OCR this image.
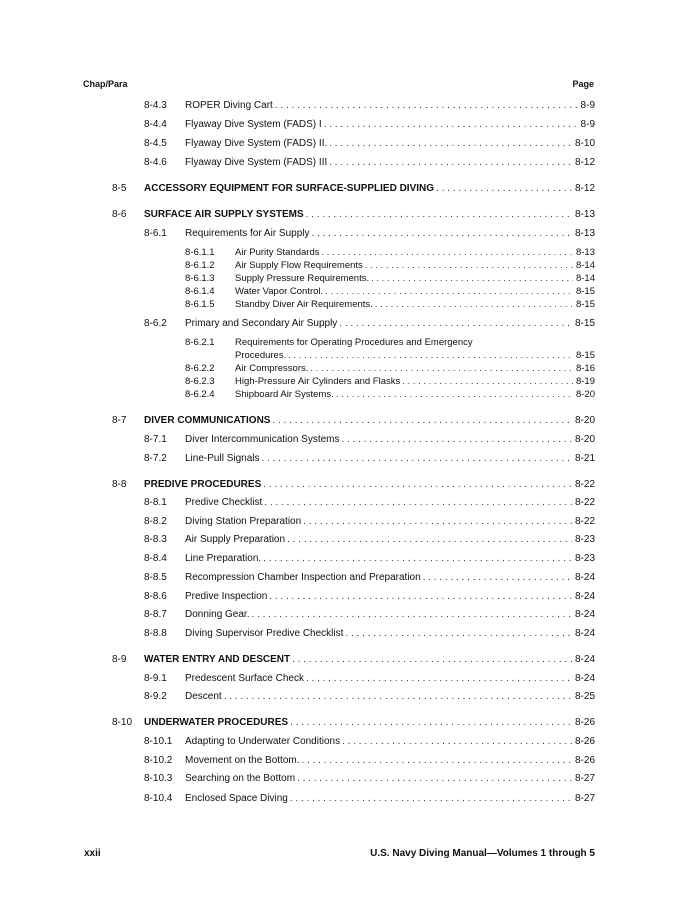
Chap/Para	Page
8-4.3 ROPER Diving Cart . . .	8-9
8-4.4 Flyaway Dive System (FADS) I . . .	8-9
8-4.5 Flyaway Dive System (FADS) II. . . .	8-10
8-4.6 Flyaway Dive System (FADS) III . . .	8-12
8-5 ACCESSORY EQUIPMENT FOR SURFACE-SUPPLIED DIVING . . .	8-12
8-6 SURFACE AIR SUPPLY SYSTEMS . . .	8-13
8-6.1 Requirements for Air Supply . . .	8-13
8-6.1.1 Air Purity Standards . . .	8-13
8-6.1.2 Air Supply Flow Requirements . . .	8-14
8-6.1.3 Supply Pressure Requirements. . . .	8-14
8-6.1.4 Water Vapor Control. . . .	8-15
8-6.1.5 Standby Diver Air Requirements. . . .	8-15
8-6.2 Primary and Secondary Air Supply . . .	8-15
8-6.2.1 Requirements for Operating Procedures and Emergency
Procedures. . . .	8-15
8-6.2.2 Air Compressors. . . .	8-16
8-6.2.3 High-Pressure Air Cylinders and Flasks . . .	8-19
8-6.2.4 Shipboard Air Systems. . . .	8-20
8-7 DIVER COMMUNICATIONS . . .	8-20
8-7.1 Diver Intercommunication Systems . . .	8-20
8-7.2 Line-Pull Signals . . .	8-21
8-8 PREDIVE PROCEDURES . . .	8-22
8-8.1 Predive Checklist . . .	8-22
8-8.2 Diving Station Preparation . . .	8-22
8-8.3 Air Supply Preparation . . .	8-23
8-8.4 Line Preparation. . . .	8-23
8-8.5 Recompression Chamber Inspection and Preparation . . .	8-24
8-8.6 Predive Inspection . . .	8-24
8-8.7 Donning Gear. . . .	8-24
8-8.8 Diving Supervisor Predive Checklist . . .	8-24
8-9 WATER ENTRY AND DESCENT . . .	8-24
8-9.1 Predescent Surface Check . . .	8-24
8-9.2 Descent . . .	8-25
8-10 UNDERWATER PROCEDURES . . .	8-26
8-10.1 Adapting to Underwater Conditions . . .	8-26
8-10.2 Movement on the Bottom. . . .	8-26
8-10.3 Searching on the Bottom . . .	8-27
8-10.4 Enclosed Space Diving . . .	8-27
xxii	U.S. Navy Diving Manual—Volumes 1 through 5
